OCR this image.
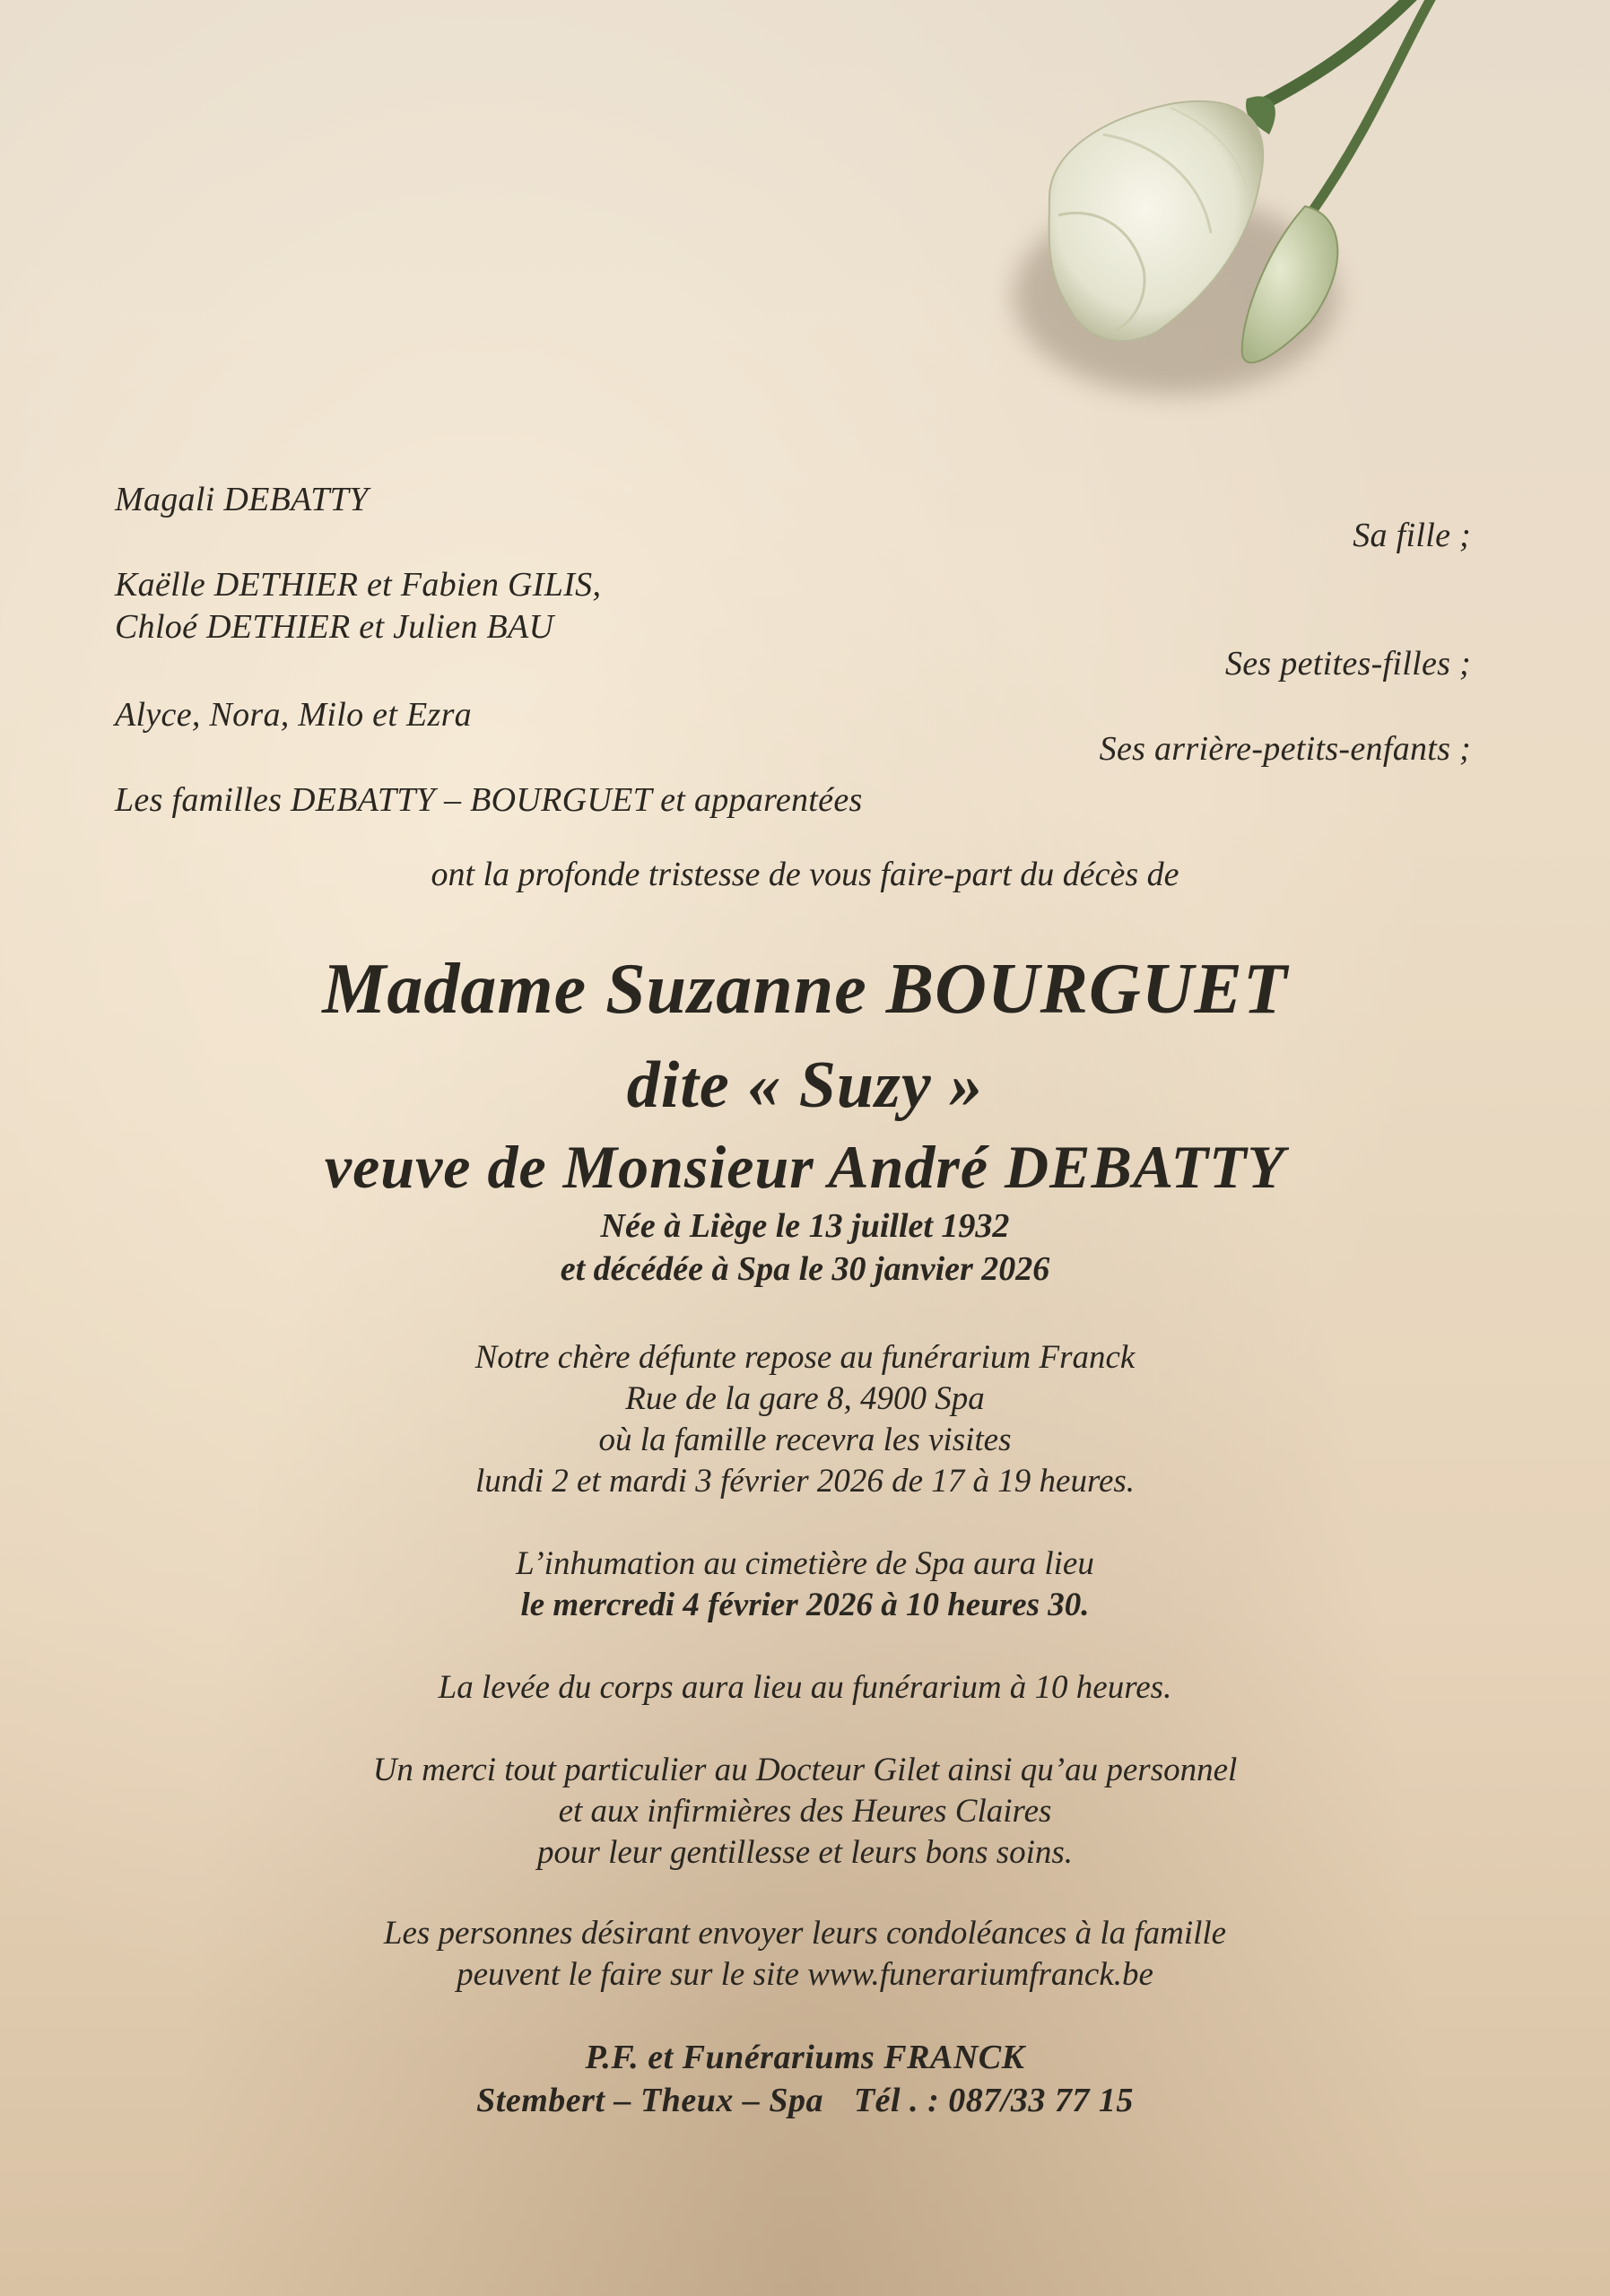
Magali DEBATTY
Sa fille ;
Kaëlle DETHIER et Fabien GILIS,
Chloé DETHIER et Julien BAU
Ses petites-filles ;
Alyce, Nora, Milo et Ezra
Ses arrière-petits-enfants ;
Les familles DEBATTY – BOURGUET et apparentées
ont la profonde tristesse de vous faire-part du décès de
Madame Suzanne BOURGUET
dite « Suzy »
veuve de Monsieur André DEBATTY
Née à Liège le 13 juillet 1932
et décédée à Spa le 30 janvier 2026
Notre chère défunte repose au funérarium Franck
Rue de la gare 8, 4900 Spa
où la famille recevra les visites
lundi 2 et mardi 3 février 2026 de 17 à 19 heures.
L’inhumation au cimetière de Spa aura lieu
le mercredi 4 février 2026 à 10 heures 30.
La levée du corps aura lieu au funérarium à 10 heures.
Un merci tout particulier au Docteur Gilet ainsi qu’au personnel
et aux infirmières des Heures Claires
pour leur gentillesse et leurs bons soins.
Les personnes désirant envoyer leurs condoléances à la famille
peuvent le faire sur le site www.funerariumfranck.be
P.F. et Funérariums FRANCK
Stembert – Theux – Spa Tél . : 087/33 77 15
